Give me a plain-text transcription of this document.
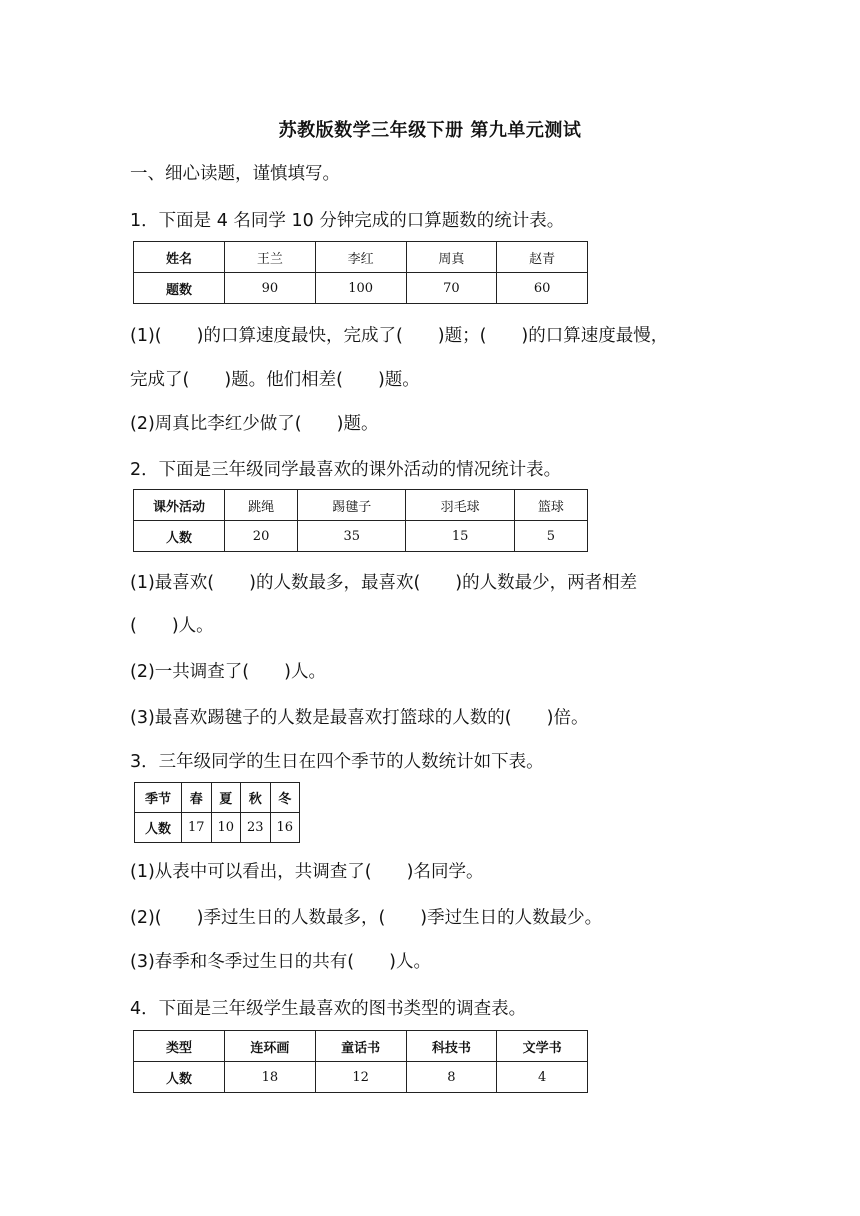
苏教版数学三年级下册 第九单元测试
一、细心读题，谨慎填写。
1．下面是 4 名同学 10 分钟完成的口算题数的统计表。
姓名	王兰	李红	周真	赵青
题数	90	100	70	60
(1)(　　)的口算速度最快，完成了(　　)题；(　　)的口算速度最慢，
完成了(　　)题。他们相差(　　)题。
(2)周真比李红少做了(　　)题。
2．下面是三年级同学最喜欢的课外活动的情况统计表。
课外活动	跳绳	踢毽子	羽毛球	篮球
人数	20	35	15	5
(1)最喜欢(　　)的人数最多，最喜欢(　　)的人数最少，两者相差
(　　)人。
(2)一共调查了(　　)人。
(3)最喜欢踢毽子的人数是最喜欢打篮球的人数的(　　)倍。
3．三年级同学的生日在四个季节的人数统计如下表。
季节	春	夏	秋	冬
人数	17	10	23	16
(1)从表中可以看出，共调查了(　　)名同学。
(2)(　　)季过生日的人数最多，(　　)季过生日的人数最少。
(3)春季和冬季过生日的共有(　　)人。
4．下面是三年级学生最喜欢的图书类型的调查表。
类型	连环画	童话书	科技书	文学书
人数	18	12	8	4
